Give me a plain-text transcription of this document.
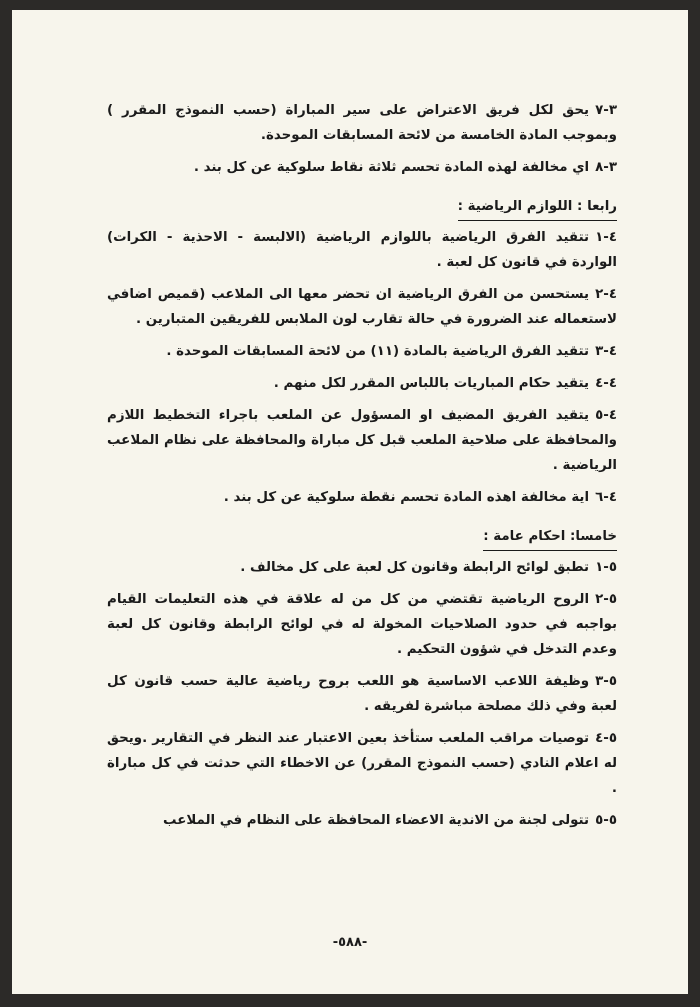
٣-٧يحق لكل فريق الاعتراض على سير المباراة (حسب النموذج المقرر ) وبموجب المادة الخامسة من لائحة المسابقات الموحدة.

٣-٨اي مخالفة لهذه المادة تحسم ثلاثة نقاط سلوكية عن كل بند .

رابعا : اللوازم الرياضية :

٤-١تتقيد الفرق الرياضية باللوازم الرياضية (الالبسة - الاحذية - الكرات) الواردة في قانون كل لعبة .

٤-٢يستحسن من الفرق الرياضية ان تحضر معها الى الملاعب (قميص اضافي لاستعماله عند الضرورة في حالة تقارب لون الملابس للفريقين المتبارين .

٤-٣تتقيد الفرق الرياضية بالمادة (١١) من لائحة المسابقات الموحدة .

٤-٤يتقيد حكام المباريات باللباس المقرر لكل منهم .

٤-٥يتقيد الفريق المضيف او المسؤول عن الملعب باجراء التخطيط اللازم والمحافظة على صلاحية الملعب قبل كل مباراة والمحافظة على نظام الملاعب الرياضية .

٤-٦اية مخالفة اهذه المادة تحسم نقطة سلوكية عن كل بند .

خامسا: احكام عامة :

٥-١تطبق لوائح الرابطة وقانون كل لعبة على كل مخالف .

٥-٢الروح الرياضية تقتضي من كل من له علاقة في هذه التعليمات القيام بواجبه في حدود الصلاحيات المخولة له في لوائح الرابطة وقانون كل لعبة وعدم التدخل في شؤون التحكيم .

٥-٣وظيفة اللاعب الاساسية هو اللعب بروح رياضية عالية حسب قانون كل لعبة وفي ذلك مصلحة مباشرة لفريقه .

٥-٤توصيات مراقب الملعب ستأخذ بعين الاعتبار عند النظر في التقارير .ويحق له اعلام النادي (حسب النموذج المقرر) عن الاخطاء التي حدثت في كل مباراة .

٥-٥تتولى لجنة من الاندية الاعضاء المحافظة على النظام في الملاعب

-٥٨٨-
